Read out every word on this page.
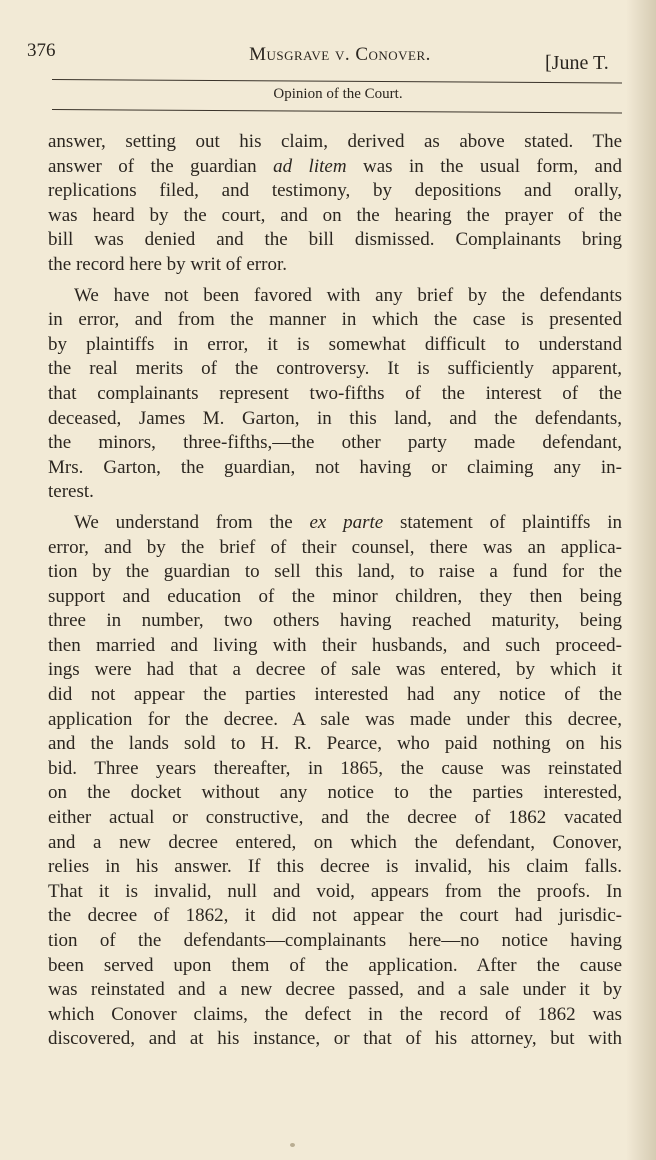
376	Musgrave v. Conover.	[June T.
Opinion of the Court.
answer, setting out his claim, derived as above stated. The
answer of the guardian ad litem was in the usual form, and
replications filed, and testimony, by depositions and orally,
was heard by the court, and on the hearing the prayer of the
bill was denied and the bill dismissed. Complainants bring
the record here by writ of error.
We have not been favored with any brief by the defendants
in error, and from the manner in which the case is presented
by plaintiffs in error, it is somewhat difficult to understand
the real merits of the controversy. It is sufficiently apparent,
that complainants represent two-fifths of the interest of the
deceased, James M. Garton, in this land, and the defendants,
the minors, three-fifths,—the other party made defendant,
Mrs. Garton, the guardian, not having or claiming any in-
terest.
We understand from the ex parte statement of plaintiffs in
error, and by the brief of their counsel, there was an applica-
tion by the guardian to sell this land, to raise a fund for the
support and education of the minor children, they then being
three in number, two others having reached maturity, being
then married and living with their husbands, and such proceed-
ings were had that a decree of sale was entered, by which it
did not appear the parties interested had any notice of the
application for the decree. A sale was made under this decree,
and the lands sold to H. R. Pearce, who paid nothing on his
bid. Three years thereafter, in 1865, the cause was reinstated
on the docket without any notice to the parties interested,
either actual or constructive, and the decree of 1862 vacated
and a new decree entered, on which the defendant, Conover,
relies in his answer. If this decree is invalid, his claim falls.
That it is invalid, null and void, appears from the proofs. In
the decree of 1862, it did not appear the court had jurisdic-
tion of the defendants—complainants here—no notice having
been served upon them of the application. After the cause
was reinstated and a new decree passed, and a sale under it by
which Conover claims, the defect in the record of 1862 was
discovered, and at his instance, or that of his attorney, but with
